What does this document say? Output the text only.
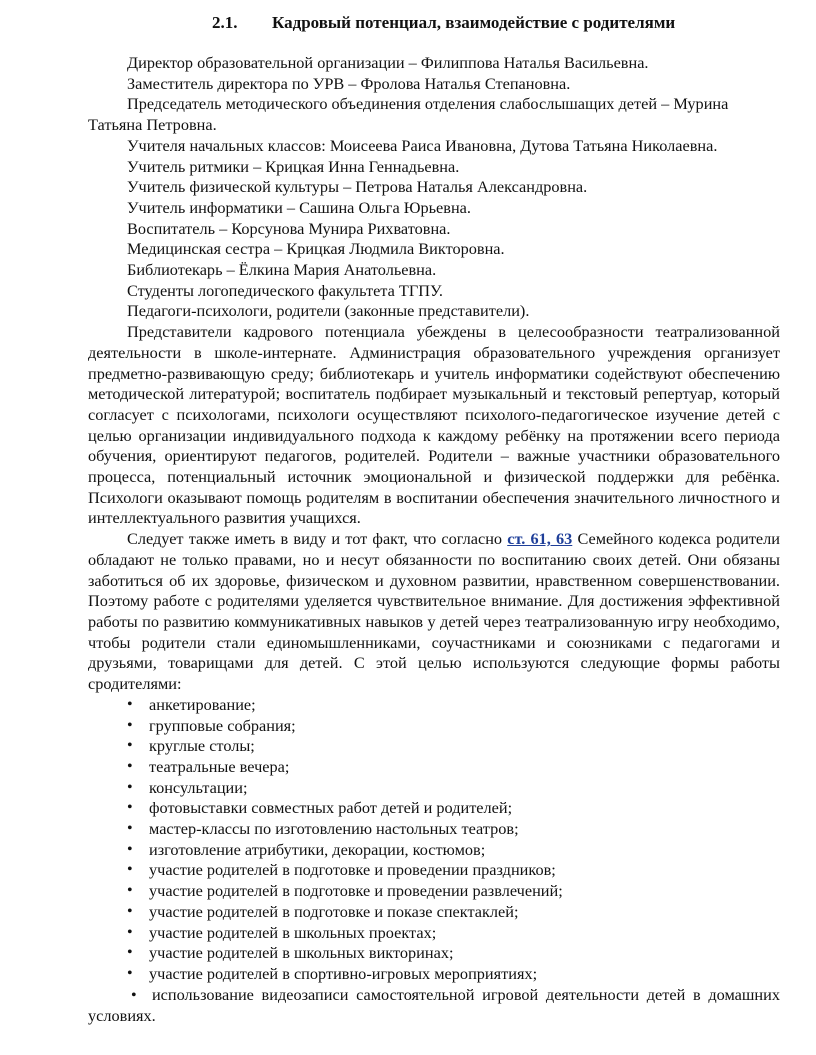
2.1. Кадровый потенциал, взаимодействие с родителями

Директор образовательной организации – Филиппова Наталья Васильевна.

Заместитель директора по УРВ – Фролова Наталья Степановна.

Председатель методического объединения отделения слабослышащих детей – Мурина Татьяна Петровна.

Учителя начальных классов: Моисеева Раиса Ивановна, Дутова Татьяна Николаевна.

Учитель ритмики – Крицкая Инна Геннадьевна.

Учитель физической культуры – Петрова Наталья Александровна.

Учитель информатики – Сашина Ольга Юрьевна.

Воспитатель – Корсунова Мунира Рихватовна.

Медицинская сестра – Крицкая Людмила Викторовна.

Библиотекарь – Ёлкина Мария Анатольевна.

Студенты логопедического факультета ТГПУ.

Педагоги-психологи, родители (законные представители).

Представители кадрового потенциала убеждены в целесообразности театрализованной деятельности в школе-интернате. Администрация образовательного учреждения организует предметно-развивающую среду; библиотекарь и учитель информатики содействуют обеспечению методической литературой; воспитатель подбирает музыкальный и текстовый репертуар, который согласует с психологами, психологи осуществляют психолого-педагогическое изучение детей с целью организации индивидуального подхода к каждому ребёнку на протяжении всего периода обучения, ориентируют педагогов, родителей. Родители – важные участники образовательного процесса, потенциальный источник эмоциональной и физической поддержки для ребёнка. Психологи оказывают помощь родителям в воспитании обеспечения значительного личностного и интеллектуального развития учащихся.

Следует также иметь в виду и тот факт, что согласно ст. 61, 63 Семейного кодекса родители обладают не только правами, но и несут обязанности по воспитанию своих детей. Они обязаны заботиться об их здоровье, физическом и духовном развитии, нравственном совершенствовании. Поэтому работе с родителями уделяется чувствительное внимание. Для достижения эффективной работы по развитию коммуникативных навыков у детей через театрализованную игру необходимо, чтобы родители стали единомышленниками, соучастниками и союзниками с педагогами и друзьями, товарищами для детей. С этой целью используются следующие формы работы сродителями:

• анкетирование;
• групповые собрания;
• круглые столы;
• театральные вечера;
• консультации;
• фотовыставки совместных работ детей и родителей;
• мастер-классы по изготовлению настольных театров;
• изготовление атрибутики, декорации, костюмов;
• участие родителей в подготовке и проведении праздников;
• участие родителей в подготовке и проведении развлечений;
• участие родителей в подготовке и показе спектаклей;
• участие родителей в школьных проектах;
• участие родителей в школьных викторинах;
• участие родителей в спортивно-игровых мероприятиях;

• использование видеозаписи самостоятельной игровой деятельности детей в домашних условиях.
